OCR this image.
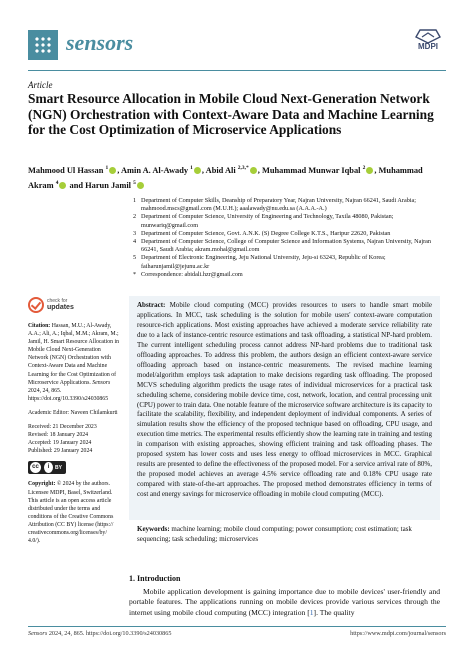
sensors	MDPI
Article
Smart Resource Allocation in Mobile Cloud Next-Generation Network (NGN) Orchestration with Context-Aware Data and Machine Learning for the Cost Optimization of Microservice Applications
Mahmood Ul Hassan $^1$ , Amin A. Al-Awady $^1$ , Abid Ali $^{2,3,*}$ , Muhammad Munwar Iqbal $^2$ , Muhammad Akram $^4$ and Harun Jamil $^5$
1 Department of Computer Skills, Deanship of Preparatory Year, Najran University, Najran 66241, Saudi Arabia; mahmood.mscs@gmail.com (M.U.H.); aaalawady@nu.edu.sa (A.A.A.-A.)
2 Department of Computer Science, University of Engineering and Technology, Taxila 48080, Pakistan; munwariq@gmail.com
3 Department of Computer Science, Govt. A.N.K. (S) Degree College K.T.S., Haripur 22620, Pakistan
4 Department of Computer Science, College of Computer Science and Information Systems, Najran University, Najran 66241, Saudi Arabia; akram.mohal@gmail.com
5 Department of Electronic Engineering, Jeju National University, Jeju-si 63243, Republic of Korea; faiharunjamil@jejunu.ac.kr
* Correspondence: abidali.hzr@gmail.com
check for
updates

Citation: Hassan, M.U.; Al-Awady, A.A.; Ali, A.; Iqbal, M.M.; Akram, M.; Jamil, H. Smart Resource Allocation in Mobile Cloud Next-Generation Network (NGN) Orchestration with Context-Aware Data and Machine Learning for the Cost Optimization of Microservice Applications. Sensors 2024, 24, 865. https://doi.org/10.3390/s24030865

Academic Editor: Naveen Chilamkurti

Received: 21 December 2023
Revised: 18 January 2024
Accepted: 19 January 2024
Published: 29 January 2024

cc	i	BY

Copyright: © 2024 by the authors. Licensee MDPI, Basel, Switzerland. This article is an open access article distributed under the terms and conditions of the Creative Commons Attribution (CC BY) license (https:// creativecommons.org/licenses/by/ 4.0/).

Abstract: Mobile cloud computing (MCC) provides resources to users to handle smart mobile applications. In MCC, task scheduling is the solution for mobile users' context-aware computation resource-rich applications. Most existing approaches have achieved a moderate service reliability rate due to a lack of instance-centric resource estimations and task offloading, a statistical NP-hard problem. The current intelligent scheduling process cannot address NP-hard problems due to traditional task offloading approaches. To address this problem, the authors design an efficient context-aware service offloading approach based on instance-centric measurements. The revised machine learning model/algorithm employs task adaptation to make decisions regarding task offloading. The proposed MCVS scheduling algorithm predicts the usage rates of individual microservices for a practical task scheduling scheme, considering mobile device time, cost, network, location, and central processing unit (CPU) power to train data. One notable feature of the microservice software architecture is its capacity to facilitate the scalability, flexibility, and independent deployment of individual components. A series of simulation results show the efficiency of the proposed technique based on offloading, CPU usage, and execution time metrics. The experimental results efficiently show the learning rate in training and testing in comparison with existing approaches, showing efficient training and task offloading phases. The proposed system has lower costs and uses less energy to offload microservices in MCC. Graphical results are presented to define the effectiveness of the proposed model. For a service arrival rate of 80%, the proposed model achieves an average 4.5% service offloading rate and 0.18% CPU usage rate compared with state-of-the-art approaches. The proposed method demonstrates efficiency in terms of cost and energy savings for microservice offloading in mobile cloud computing (MCC).
Keywords: machine learning; mobile cloud computing; power consumption; cost estimation; task sequencing; task scheduling; microservices
1. Introduction
Mobile application development is gaining importance due to mobile devices' user-friendly and portable features. The applications running on mobile devices provide various services through the internet using mobile cloud computing (MCC) integration [1]. The quality
Sensors 2024, 24, 865. https://doi.org/10.3390/s24030865	https://www.mdpi.com/journal/sensors
